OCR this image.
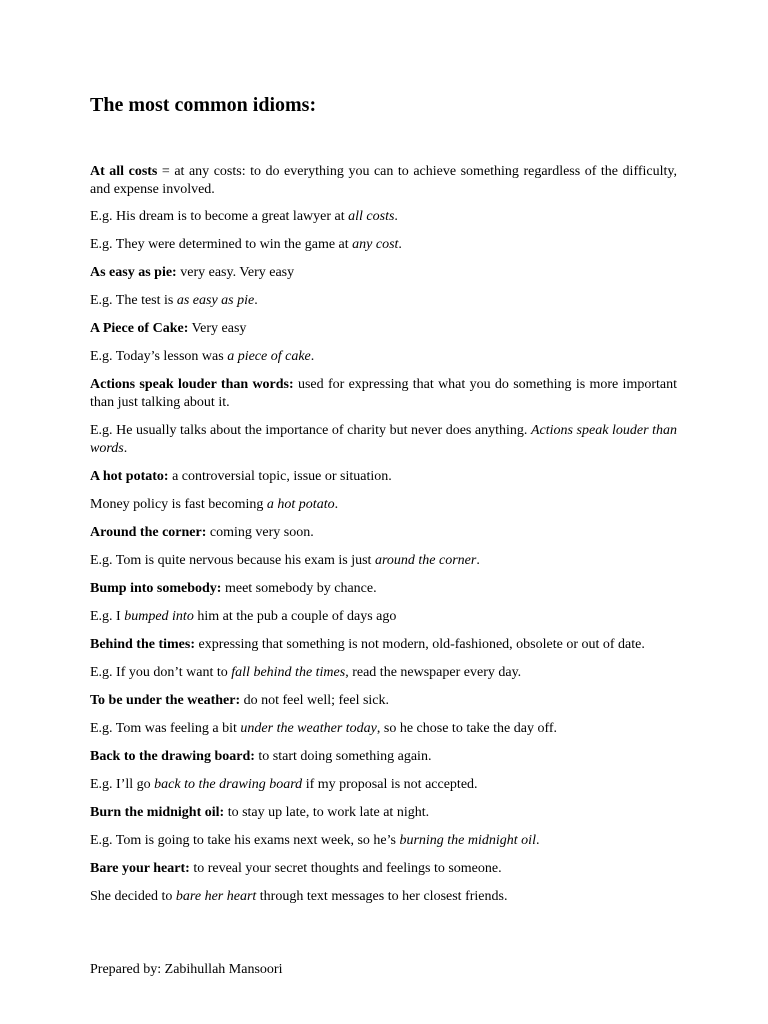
The most common idioms:

At all costs = at any costs: to do everything you can to achieve something regardless of the difficulty, and expense involved.

E.g. His dream is to become a great lawyer at all costs.

E.g. They were determined to win the game at any cost.

As easy as pie: very easy. Very easy

E.g. The test is as easy as pie.

A Piece of Cake: Very easy

E.g. Today’s lesson was a piece of cake.

Actions speak louder than words: used for expressing that what you do something is more important than just talking about it.

E.g. He usually talks about the importance of charity but never does anything. Actions speak louder than words.

A hot potato: a controversial topic, issue or situation.

Money policy is fast becoming a hot potato.

Around the corner: coming very soon.

E.g. Tom is quite nervous because his exam is just around the corner.

Bump into somebody: meet somebody by chance.

E.g. I bumped into him at the pub a couple of days ago

Behind the times: expressing that something is not modern, old-fashioned, obsolete or out of date.

E.g. If you don’t want to fall behind the times, read the newspaper every day.

To be under the weather: do not feel well; feel sick.

E.g. Tom was feeling a bit under the weather today, so he chose to take the day off.

Back to the drawing board: to start doing something again.

E.g. I’ll go back to the drawing board if my proposal is not accepted.

Burn the midnight oil: to stay up late, to work late at night.

E.g. Tom is going to take his exams next week, so he’s burning the midnight oil.

Bare your heart: to reveal your secret thoughts and feelings to someone.

She decided to bare her heart through text messages to her closest friends.

Prepared by: Zabihullah Mansoori
